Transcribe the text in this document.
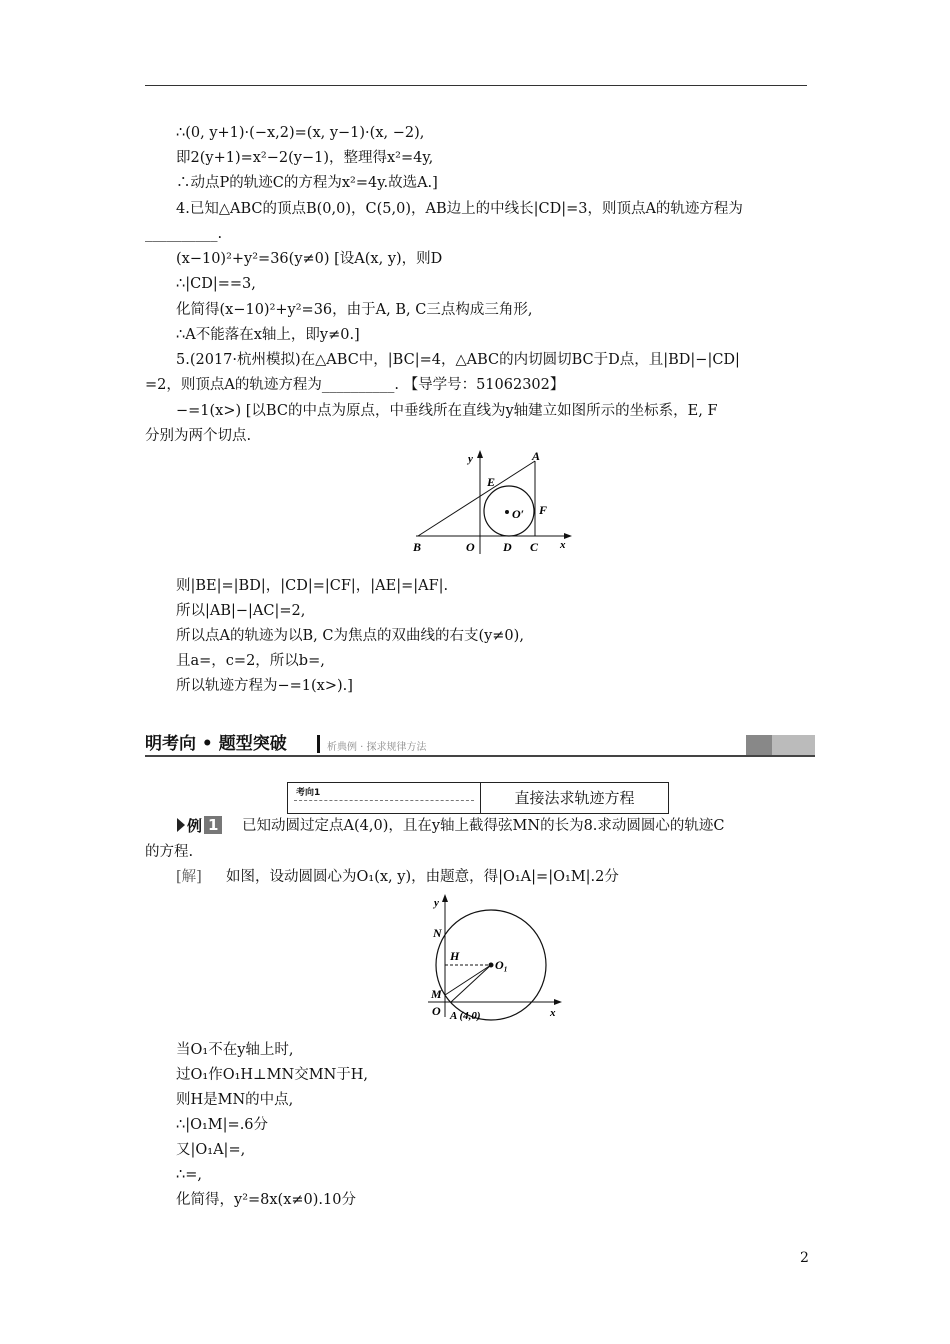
∴(0, y+1)·(−x,2)=(x, y−1)·(x, −2),
即2(y+1)=x²−2(y−1)，整理得x²=4y,
∴动点P的轨迹C的方程为x²=4y.故选A.]
4.已知△ABC的顶点B(0,0)，C(5,0)，AB边上的中线长|CD|=3，则顶点A的轨迹方程为
__________.
(x−10)²+y²=36(y≠0) [设A(x, y)，则D
∴|CD|==3,
化简得(x−10)²+y²=36，由于A, B, C三点构成三角形,
∴A不能落在x轴上，即y≠0.]
5.(2017·杭州模拟)在△ABC中，|BC|=4，△ABC的内切圆切BC于D点，且|BD|−|CD|
=2，则顶点A的轨迹方程为__________. 【导学号：51062302】
−=1(x>) [以BC的中点为原点，中垂线所在直线为y轴建立如图所示的坐标系，E, F
分别为两个切点.
y
x
A
E
O′ F
B	O D C
则|BE|=|BD|，|CD|=|CF|，|AE|=|AF|.
所以|AB|−|AC|=2,
所以点A的轨迹为以B, C为焦点的双曲线的右支(y≠0),
且a=，c=2，所以b=,
所以轨迹方程为−=1(x>).]
明考向 • 题型突破	析典例 · 探求规律方法
考向1	直接法求轨迹方程
例 1 已知动圆过定点A(4,0)，且在y轴上截得弦MN的长为8.求动圆圆心的轨迹C
的方程.
[解] 如图，设动圆圆心为O₁(x, y)，由题意，得|O₁A|=|O₁M|.2分
y
x
N
H
O₁
M
O A (4,0)
当O₁不在y轴上时,
过O₁作O₁H⊥MN交MN于H,
则H是MN的中点,
∴|O₁M|=.6分
又|O₁A|=,
∴=,
化简得，y²=8x(x≠0).10分
2
